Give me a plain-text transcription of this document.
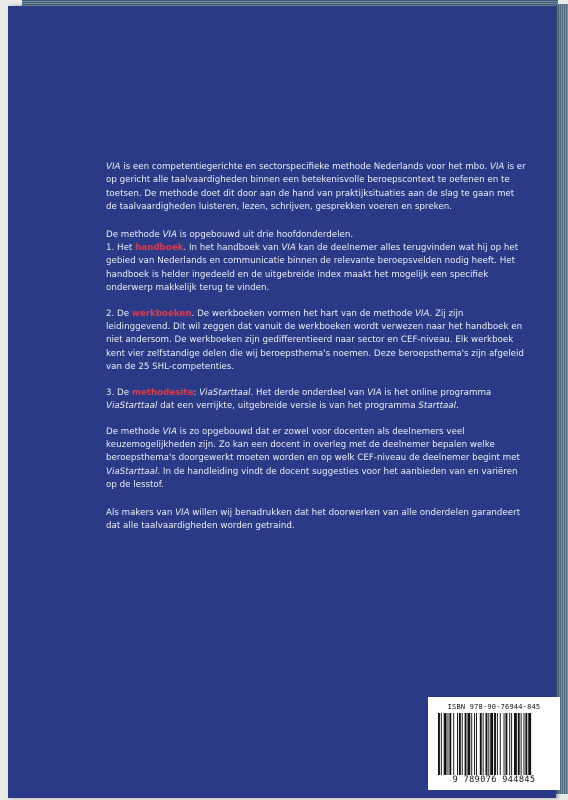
VIA is een competentiegerichte en sectorspecifieke methode Nederlands voor het mbo. VIA is er op gericht alle taalvaardigheden binnen een betekenisvolle beroepscontext te oefenen en te toetsen. De methode doet dit door aan de hand van praktijksituaties aan de slag te gaan met de taalvaardigheden luisteren, lezen, schrijven, gesprekken voeren en spreken.

De methode VIA is opgebouwd uit drie hoofdonderdelen.
1. Het handboek. In het handboek van VIA kan de deelnemer alles terugvinden wat hij op het gebied van Nederlands en communicatie binnen de relevante beroepsvelden nodig heeft. Het handboek is helder ingedeeld en de uitgebreide index maakt het mogelijk een specifiek onderwerp makkelijk terug te vinden.
2. De werkboeken. De werkboeken vormen het hart van de methode VIA. Zij zijn leidinggevend. Dit wil zeggen dat vanuit de werkboeken wordt verwezen naar het handboek en niet andersom. De werkboeken zijn gedifferentieerd naar sector en CEF-niveau. Elk werkboek kent vier zelfstandige delen die wij beroepsthema's noemen. Deze beroepsthema's zijn afgeleid van de 25 SHL-competenties.
3. De methodesite: ViaStarttaal. Het derde onderdeel van VIA is het online programma ViaStarttaal dat een verrijkte, uitgebreide versie is van het programma Starttaal.

De methode VIA is zo opgebouwd dat er zowel voor docenten als deelnemers veel keuzemogelijkheden zijn. Zo kan een docent in overleg met de deelnemer bepalen welke beroepsthema's doorgewerkt moeten worden en op welk CEF-niveau de deelnemer begint met ViaStarttaal. In de handleiding vindt de docent suggesties voor het aanbieden van en variëren op de lesstof.

Als makers van VIA willen wij benadrukken dat het doorwerken van alle onderdelen garandeert dat alle taalvaardigheden worden getraind.

ISBN 978-90-76944-845
9 789076 944845
